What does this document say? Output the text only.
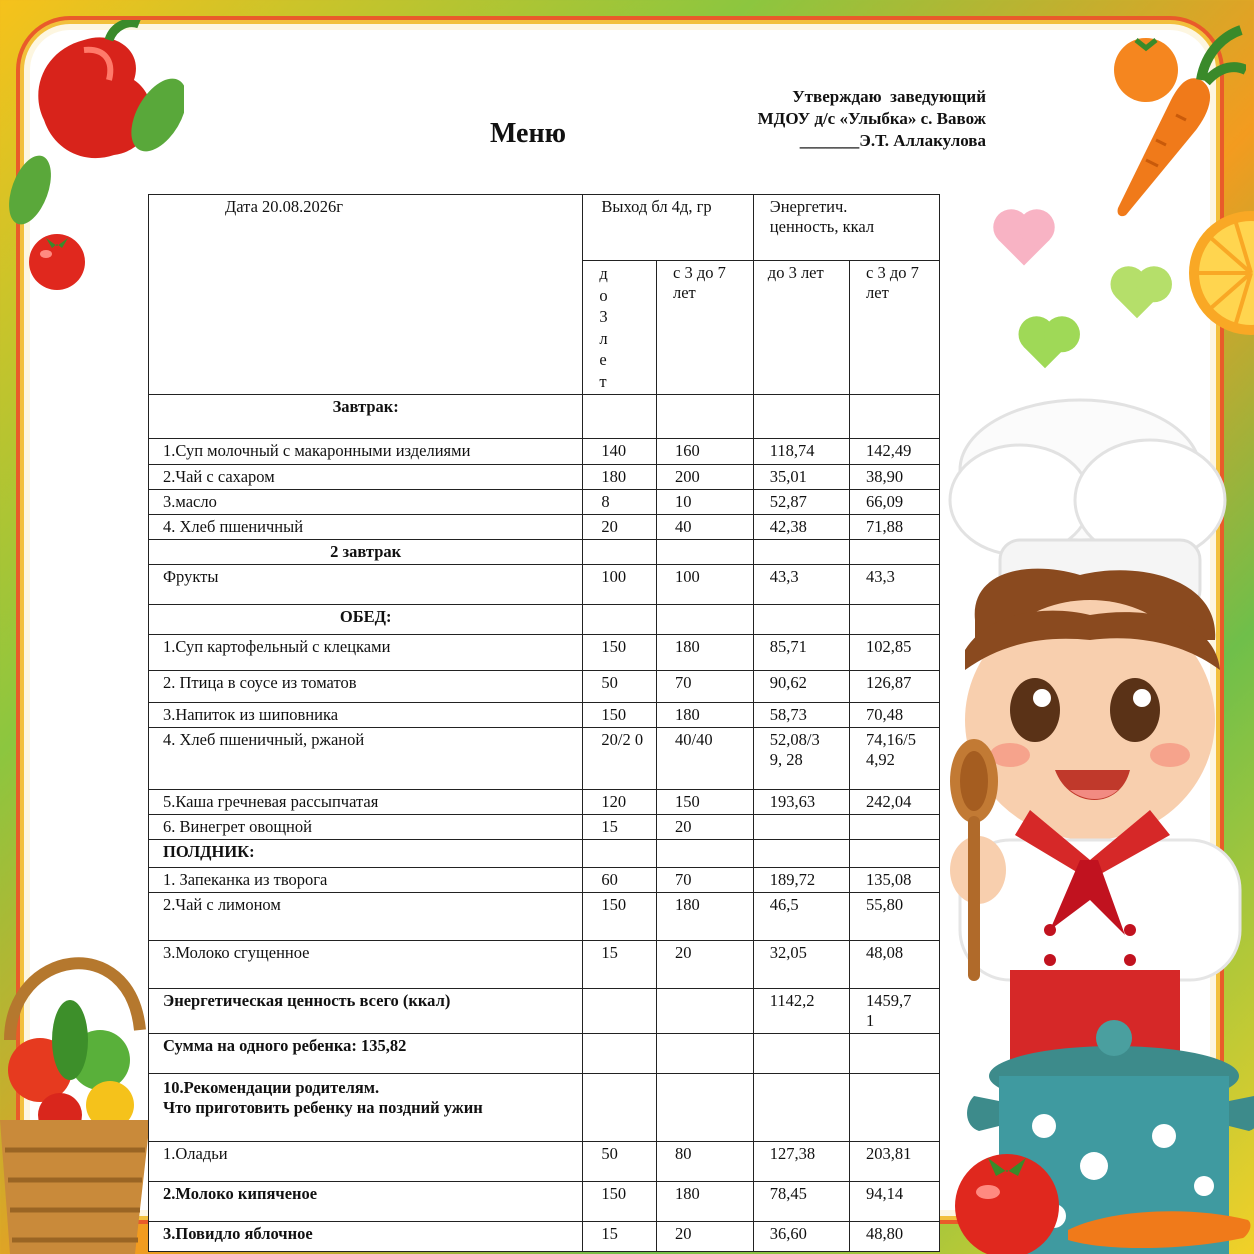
Меню
Утверждаю  заведующий
МДОУ д/с «Улыбка» с. Вавож
_______Э.Т. Аллакулова
Дата 20.08.2026г	Выход бл 4д, гр		Энергетич. ценность, ккал	

	д о 3 л ет	с 3 до 7 лет	до 3 лет	с 3 до 7 лет
Завтрак:				

1.Суп молочный с макаронными изделиями	140	160	118,74	142,49

2.Чай с сахаром	180	200	35,01	38,90

3.масло	8	10	52,87	66,09

4. Хлеб пшеничный	20	40	42,38	71,88

2 завтрак				

Фрукты	100	100	43,3	43,3

ОБЕД:				

1.Суп картофельный с клецками	150	180	85,71	102,85

2. Птица в соусе из томатов	50	70	90,62	126,87

3.Напиток из шиповника	150	180	58,73	70,48

4. Хлеб пшеничный, ржаной	20/2 0	40/40	52,08/3 9, 28	74,16/5 4,92

5.Каша гречневая рассыпчатая	120	150	193,63	242,04

6. Винегрет овощной	15	20		

ПОЛДНИК:				

1. Запеканка из творога	60	70	189,72	135,08

2.Чай с лимоном	150	180	46,5	55,80

3.Молоко сгущенное	15	20	32,05	48,08

Энергетическая ценность всего (ккал)			1142,2	1459,7 1

Сумма на одного ребенка: 135,82				

10.Рекомендации родителям.
Что приготовить ребенку на поздний ужин				

1.Оладьи	50	80	127,38	203,81

2.Молоко кипяченое	150	180	78,45	94,14

3.Повидло яблочное	15	20	36,60	48,80
